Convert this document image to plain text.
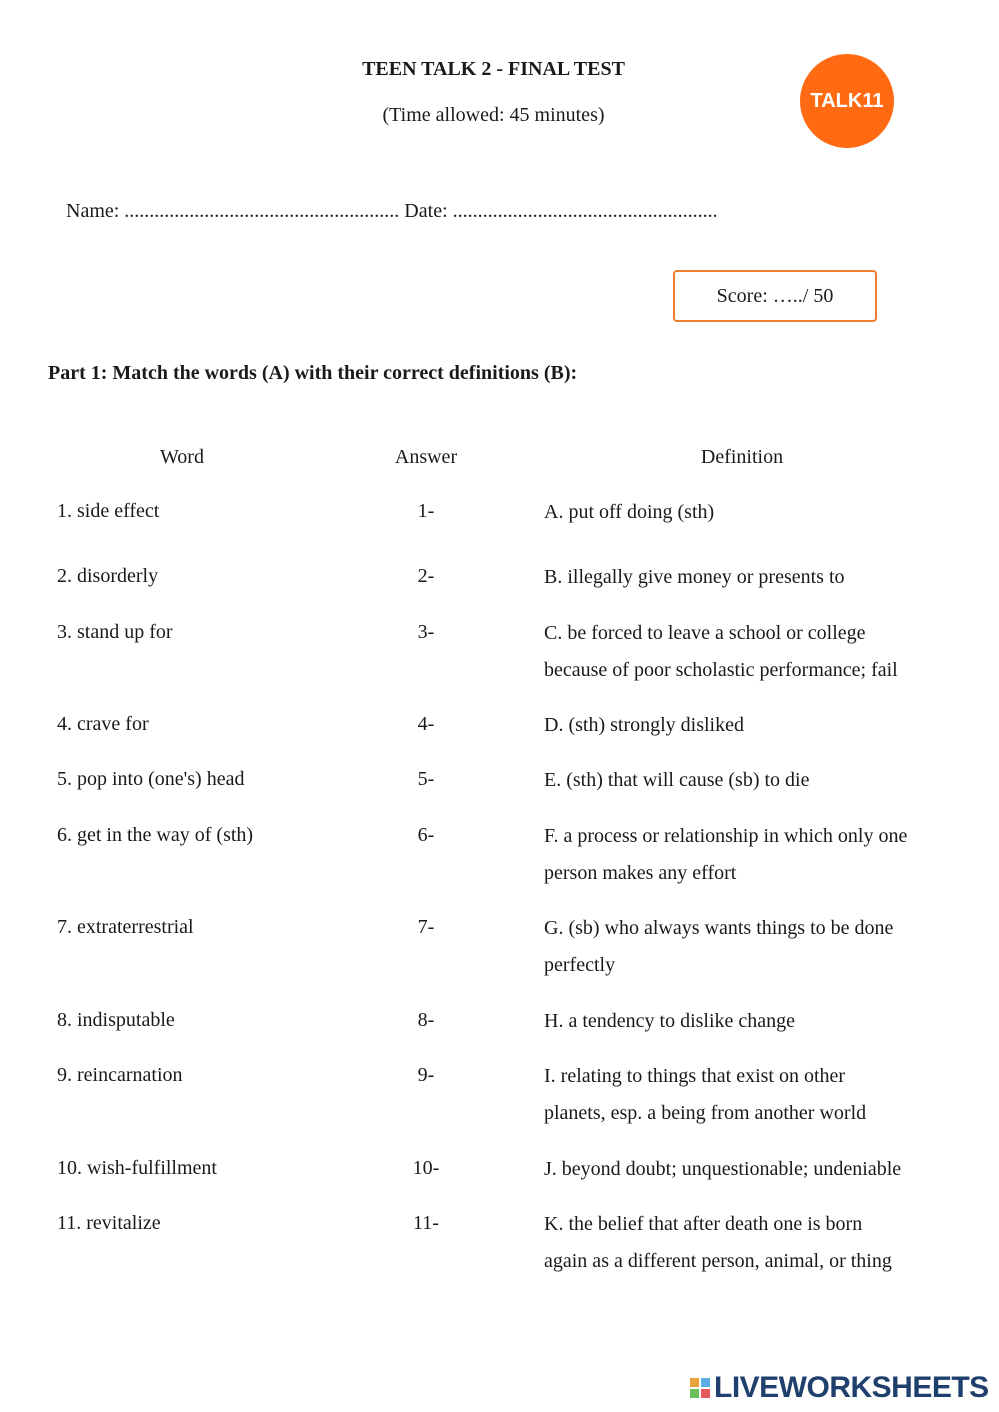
TEEN TALK 2 - FINAL TEST
(Time allowed: 45 minutes)
TALK11
Name: ....................................................... Date: .....................................................
Score: …../ 50
Part 1: Match the words (A) with their correct definitions (B):
Word	Answer	Definition
1. side effect	1-	A. put off doing (sth)
2. disorderly	2-	B. illegally give money or presents to
3. stand up for	3-	C. be forced to leave a school or college
because of poor scholastic performance; fail
4. crave for	4-	D. (sth) strongly disliked
5. pop into (one's) head	5-	E. (sth) that will cause (sb) to die
6. get in the way of (sth)	6-	F. a process or relationship in which only one
person makes any effort
7. extraterrestrial	7-	G. (sb) who always wants things to be done
perfectly
8. indisputable	8-	H. a tendency to dislike change
9. reincarnation	9-	I. relating to things that exist on other
planets, esp. a being from another world
10. wish-fulfillment	10-	J. beyond doubt; unquestionable; undeniable
11. revitalize	11-	K. the belief that after death one is born
again as a different person, animal, or thing
LIVEWORKSHEETS
